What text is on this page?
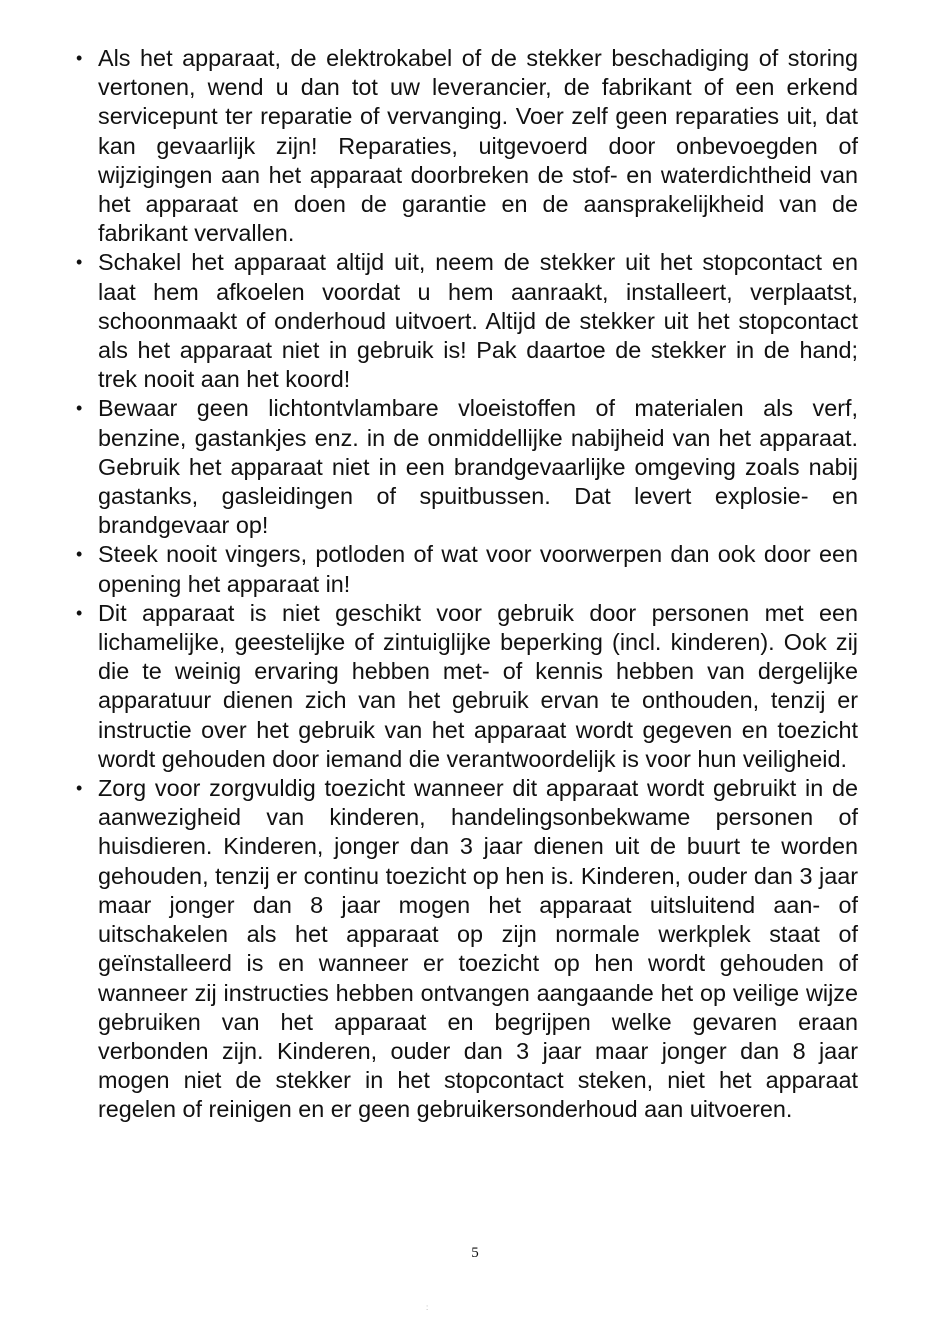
• Als het apparaat, de elektrokabel of de stekker beschadiging of storing vertonen, wend u dan tot uw leverancier, de fabrikant of een erkend servicepunt ter reparatie of vervanging. Voer zelf geen reparaties uit, dat kan gevaarlijk zijn! Reparaties, uitgevoerd door onbevoegden of wijzigingen aan het apparaat doorbreken de stof- en waterdichtheid van het apparaat en doen de garantie en de aansprakelijkheid van de fabrikant vervallen.
• Schakel het apparaat altijd uit, neem de stekker uit het stopcontact en laat hem afkoelen voordat u hem aanraakt, installeert, verplaatst, schoonmaakt of onderhoud uitvoert. Altijd de stekker uit het stopcontact als het apparaat niet in gebruik is! Pak daartoe de stekker in de hand; trek nooit aan het koord!
• Bewaar geen lichtontvlambare vloeistoffen of materialen als verf, benzine, gastankjes enz. in de onmiddellijke nabijheid van het apparaat. Gebruik het apparaat niet in een brandgevaarlijke omgeving zoals nabij gastanks, gasleidingen of spuitbussen. Dat levert explosie- en brandgevaar op!
• Steek nooit vingers, potloden of wat voor voorwerpen dan ook door een opening het apparaat in!
• Dit apparaat is niet geschikt voor gebruik door personen met een lichamelijke, geestelijke of zintuiglijke beperking (incl. kinderen). Ook zij die te weinig ervaring hebben met- of kennis hebben van dergelijke apparatuur dienen zich van het gebruik ervan te onthouden, tenzij er instructie over het gebruik van het apparaat wordt gegeven en toezicht wordt gehouden door iemand die verantwoordelijk is voor hun veiligheid.
• Zorg voor zorgvuldig toezicht wanneer dit apparaat wordt gebruikt in de aanwezigheid van kinderen, handelingsonbekwame personen of huisdieren. Kinderen, jonger dan 3 jaar dienen uit de buurt te worden gehouden, tenzij er continu toezicht op hen is. Kinderen, ouder dan 3 jaar maar jonger dan 8 jaar mogen het apparaat uitsluitend aan- of uitschakelen als het apparaat op zijn normale werkplek staat of geïnstalleerd is en wanneer er toezicht op hen wordt gehouden of wanneer zij instructies hebben ontvangen aangaande het op veilige wijze gebruiken van het apparaat en begrijpen welke gevaren eraan verbonden zijn. Kinderen, ouder dan 3 jaar maar jonger dan 8 jaar mogen niet de stekker in het stopcontact steken, niet het apparaat regelen of reinigen en er geen gebruikersonderhoud aan uitvoeren.
5
:
